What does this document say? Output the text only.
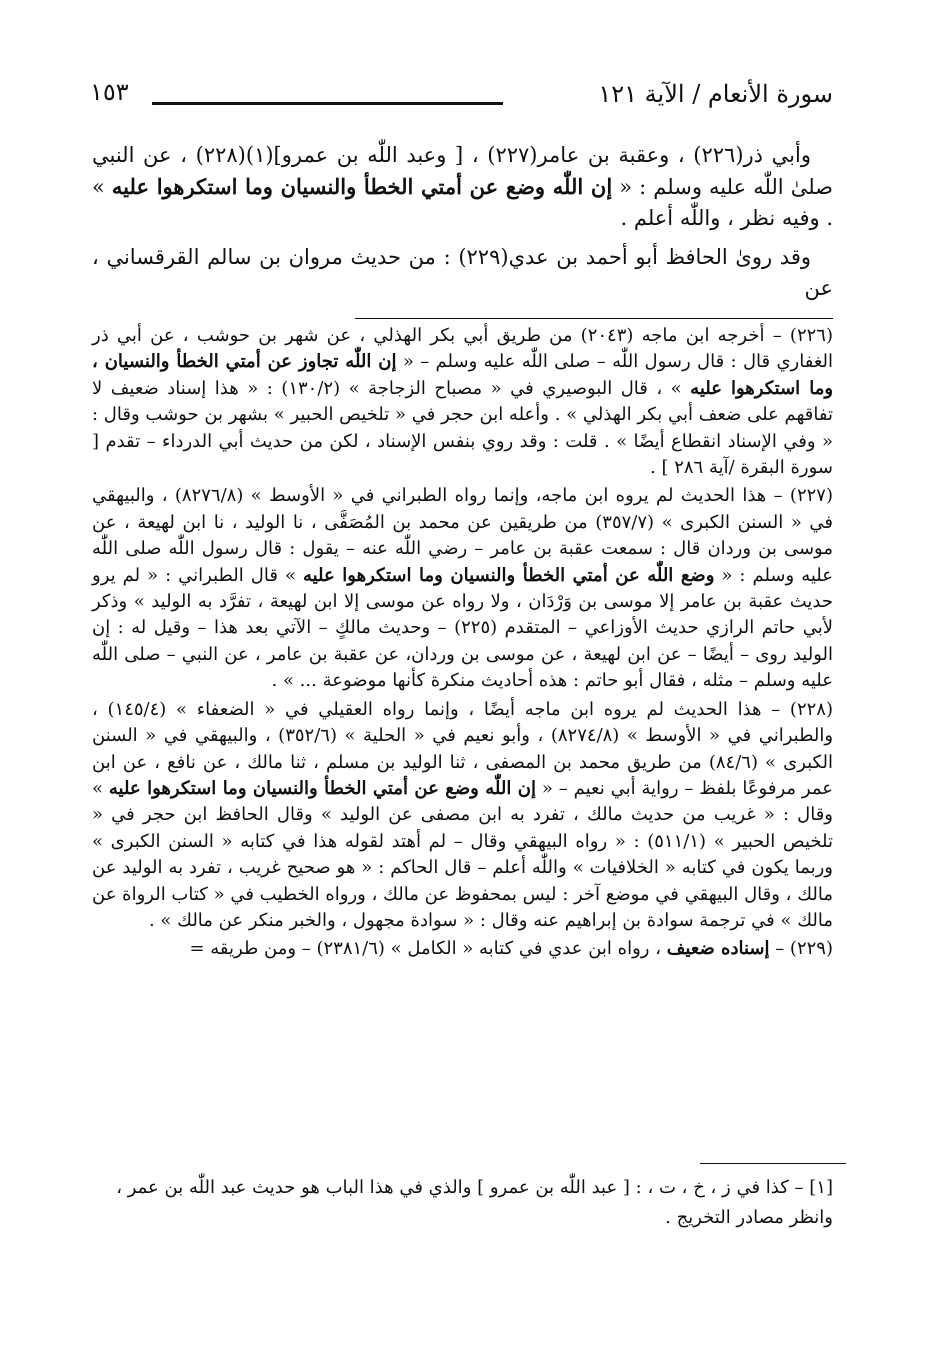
سورة الأنعام / الآية ١٢١
١٥٣

وأبي ذر(٢٢٦) ، وعقبة بن عامر(٢٢٧) ، [ وعبد اللّٰه بن عمرو](١)(٢٢٨) ، عن النبي صلىٰ اللّٰه عليه وسلم : « إن اللّٰه وضع عن أمتي الخطأ والنسيان وما استكرهوا عليه » . وفيه نظر ، واللّٰه أعلم .

وقد روىٰ الحافظ أبو أحمد بن عدي(٢٢٩) : من حديث مروان بن سالم القرقساني ، عن

(٢٢٦) – أخرجه ابن ماجه (٢٠٤٣) من طريق أبي بكر الهذلي ، عن شهر بن حوشب ، عن أبي ذر الغفاري قال : قال رسول اللّٰه – صلى اللّٰه عليه وسلم – « إن اللّٰه تجاوز عن أمتي الخطأ والنسيان ، وما استكرهوا عليه » ، قال البوصيري في « مصباح الزجاجة » (١٣٠/٢) : « هذا إسناد ضعيف لا تفاقهم على ضعف أبي بكر الهذلي » . وأعله ابن حجر في « تلخيص الحبير » بشهر بن حوشب وقال : « وفي الإسناد انقطاع أيضًا » . قلت : وقد روي بنفس الإسناد ، لكن من حديث أبي الدرداء – تقدم [ سورة البقرة /آية ٢٨٦ ] .

(٢٢٧) – هذا الحديث لم يروه ابن ماجه، وإنما رواه الطبراني في « الأوسط » (٨٢٧٦/٨) ، والبيهقي في « السنن الكبرى » (٣٥٧/٧) من طريقين عن محمد بن المُصَفَّى ، نا الوليد ، نا ابن لهيعة ، عن موسى بن وردان قال : سمعت عقبة بن عامر – رضي اللّٰه عنه – يقول : قال رسول اللّٰه صلى اللّٰه عليه وسلم : « وضع اللّٰه عن أمتي الخطأ والنسيان وما استكرهوا عليه » قال الطبراني : « لم يرو حديث عقبة بن عامر إلا موسى بن وَرْدَان ، ولا رواه عن موسى إلا ابن لهيعة ، تفرَّد به الوليد » وذكر لأبي حاتم الرازي حديث الأوزاعي – المتقدم (٢٢٥) – وحديث مالكٍ – الآتي بعد هذا – وقيل له : إن الوليد روى – أيضًا – عن ابن لهيعة ، عن موسى بن وردان، عن عقبة بن عامر ، عن النبي – صلى اللّٰه عليه وسلم – مثله ، فقال أبو حاتم : هذه أحاديث منكرة كأنها موضوعة ... » .

(٢٢٨) – هذا الحديث لم يروه ابن ماجه أيضًا ، وإنما رواه العقيلي في « الضعفاء » (١٤٥/٤) ، والطبراني في « الأوسط » (٨٢٧٤/٨) ، وأبو نعيم في « الحلية » (٣٥٢/٦) ، والبيهقي في « السنن الكبرى » (٨٤/٦) من طريق محمد بن المصفى ، ثنا الوليد بن مسلم ، ثنا مالك ، عن نافع ، عن ابن عمر مرفوعًا بلفظ – رواية أبي نعيم – « إن اللّٰه وضع عن أمتي الخطأ والنسيان وما استكرهوا عليه » وقال : « غريب من حديث مالك ، تفرد به ابن مصفى عن الوليد » وقال الحافظ ابن حجر في « تلخيص الحبير » (٥١١/١) : « رواه البيهقي وقال – لم أهتد لقوله هذا في كتابه « السنن الكبرى » وربما يكون في كتابه « الخلافيات » واللّٰه أعلم – قال الحاكم : « هو صحيح غريب ، تفرد به الوليد عن مالك ، وقال البيهقي في موضع آخر : ليس بمحفوظ عن مالك ، ورواه الخطيب في « كتاب الرواة عن مالك » في ترجمة سوادة بن إبراهيم عنه وقال : « سوادة مجهول ، والخبر منكر عن مالك » .

(٢٢٩) – إسناده ضعيف ، رواه ابن عدي في كتابه « الكامل » (٢٣٨١/٦) – ومن طريقه =

[١] – كذا في ز ، خ ، ت ، : [ عبد اللّٰه بن عمرو ] والذي في هذا الباب هو حديث عبد اللّٰه بن عمر ، وانظر مصادر التخريج .
